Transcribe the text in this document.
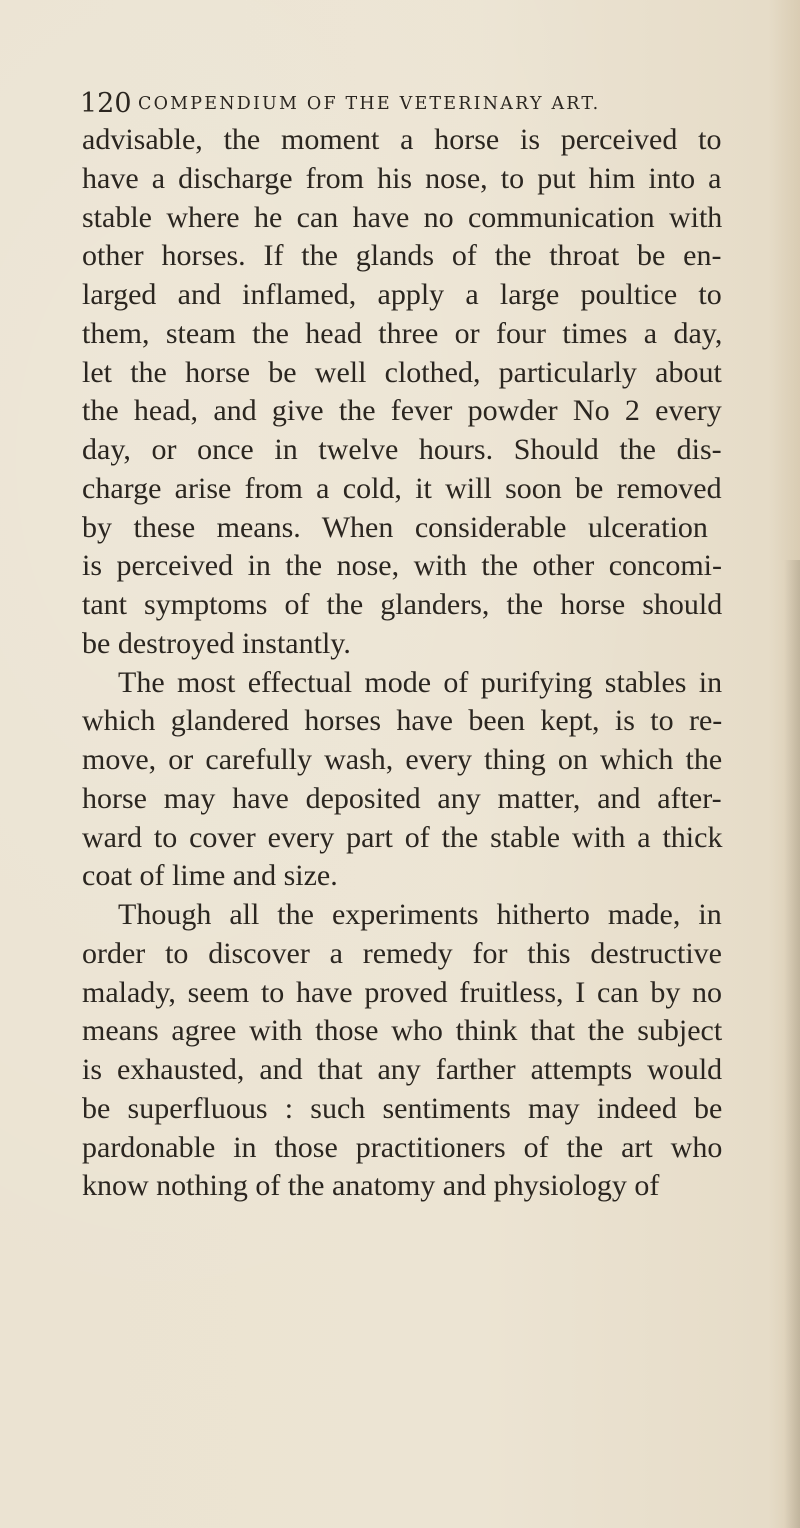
120 COMPENDIUM OF THE VETERINARY ART.
advisable, the moment a horse is perceived to
have a discharge from his nose, to put him into a
stable where he can have no communication with
other horses. If the glands of the throat be en-
larged and inflamed, apply a large poultice to
them, steam the head three or four times a day,
let the horse be well clothed, particularly about
the head, and give the fever powder No 2 every
day, or once in twelve hours. Should the dis-
charge arise from a cold, it will soon be removed
by these means. When considerable ulceration
is perceived in the nose, with the other concomi-
tant symptoms of the glanders, the horse should
be destroyed instantly.
The most effectual mode of purifying stables in
which glandered horses have been kept, is to re-
move, or carefully wash, every thing on which the
horse may have deposited any matter, and after-
ward to cover every part of the stable with a thick
coat of lime and size.
Though all the experiments hitherto made, in
order to discover a remedy for this destructive
malady, seem to have proved fruitless, I can by no
means agree with those who think that the subject
is exhausted, and that any farther attempts would
be superfluous : such sentiments may indeed be
pardonable in those practitioners of the art who
know nothing of the anatomy and physiology of
